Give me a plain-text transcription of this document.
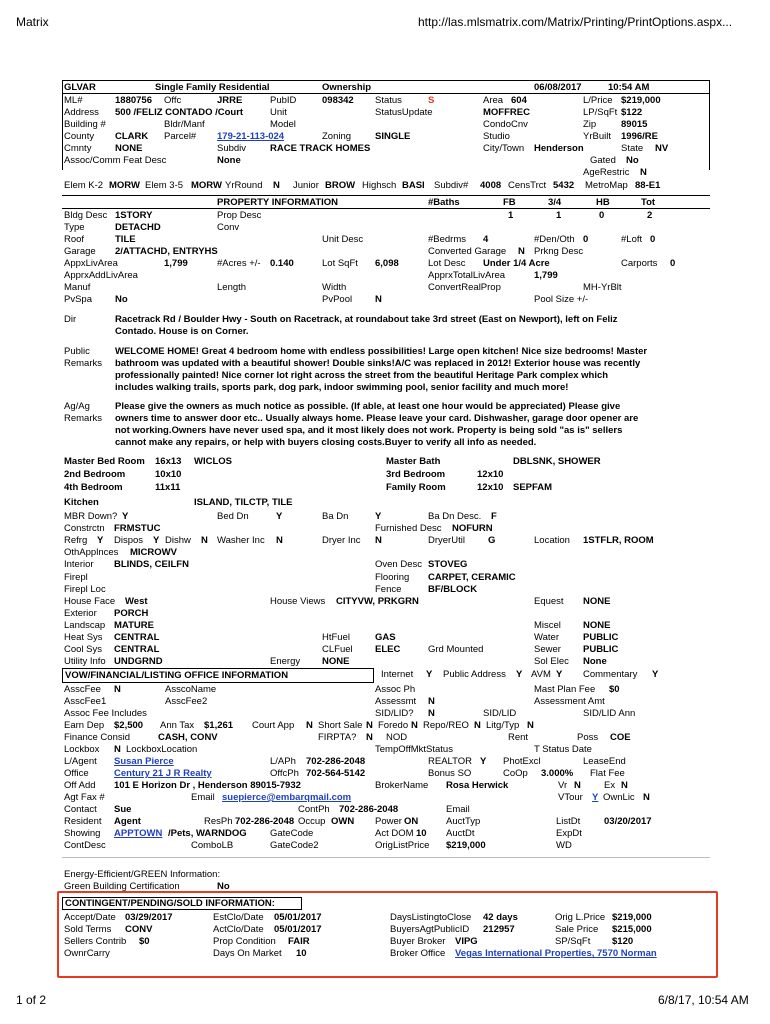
Matrix	http://las.mlsmatrix.com/Matrix/Printing/PrintOptions.aspx...
1 of 2	6/8/17, 10:54 AM
GLVAR	Single Family Residential	Ownership	06/08/2017	10:54 AM
ML#	1880756 Offc	JRRE	PubID	098342 Status	S	Area 604	L/Price $219,000
Address 500 /FELIZ CONTADO /Court	Unit	StatusUpdate	MOFFREC	LP/SqFt $122
Building #	Bldr/Manf	Model	CondoCnv	Zip	89015
County CLARK Parcel# 179-21-113-024	Zoning	SINGLE	Studio	YrBuilt 1996/RE
Cmnty NONE	Subdiv	RACE TRACK HOMES	City/Town Henderson	State NV
Assoc/Comm Feat Desc	None	Gated No
AgeRestric N
Elem K-2 MORW Elem 3-5 MORW YrRound N Junior BROW Highsch BASI Subdiv# 4008 CensTrct 5432 MetroMap 88-E1
PROPERTY INFORMATION	#Baths	FB	3/4	HB	Tot
Bldg Desc 1STORY	Prop Desc	1	1	0	2
Type	DETACHD	Conv
Roof	TILE	Unit Desc	#Bedrms 4	#Den/Oth 0	#Loft 0
Garage 2/ATTACHD, ENTRYHS	Converted Garage N Prkng Desc
AppxLivArea	1,799	#Acres +/- 0.140	Lot SqFt 6,098	Lot Desc Under 1/4 Acre	Carports 0
ApprxAddLivArea	ApprxTotalLivArea	1,799
Manuf	Length	Width	ConvertRealProp	MH-YrBlt
PvSpa No	PvPool N	Pool Size +/-
Dir	Racetrack Rd / Boulder Hwy - South on Racetrack, at roundabout take 3rd street (East on Newport), left on Feliz
Contado. House is on Corner.
Public
Remarks
WELCOME HOME! Great 4 bedroom home with endless possibilities! Large open kitchen! Nice size bedrooms! Master
bathroom was updated with a beautiful shower! Double sinks!A/C was replaced in 2012! Exterior house was recently
professionally painted! Nice corner lot right across the street from the beautiful Heritage Park complex which
includes walking trails, sports park, dog park, indoor swimming pool, senior facility and much more!
Ag/Ag
Remarks
Please give the owners as much notice as possible. (If able, at least one hour would be appreciated) Please give
owners time to answer door etc.. Usually always home. Please leave your card. Dishwasher, garage door opener are
not working.Owners have never used spa, and it most likely does not work. Property is being sold "as is" sellers
cannot make any repairs, or help with buyers closing costs.Buyer to verify all info as needed.
Master Bed Room 16x13 WICLOS	Master Bath	DBLSNK, SHOWER
2nd Bedroom	10x10	3rd Bedroom	12x10
4th Bedroom	11x11	Family Room	12x10 SEPFAM
Kitchen	ISLAND, TILCTP, TILE
MBR Down? Y	Bed Dn	Y	Ba Dn	Y	Ba Dn Desc. F
Constrctn FRMSTUC	Furnished Desc NOFURN
Refrg Y Dispos Y Dishw N Washer Inc N	Dryer Inc N	DryerUtil G	Location 1STFLR, ROOM
OthApplnces MICROWV
Interior BLINDS, CEILFN	Oven Desc STOVEG
Firepl	Flooring CARPET, CERAMIC
Firepl Loc	Fence	BF/BLOCK
House Face West	House Views CITYVW, PRKGRN	Equest NONE
Exterior PORCH
Landscap MATURE	Miscel NONE
Heat Sys CENTRAL	HtFuel	GAS	Water	PUBLIC
Cool Sys CENTRAL	CLFuel ELEC	Grd Mounted	Sewer PUBLIC
Utility Info UNDGRND	Energy NONE	Sol Elec None
VOW/FINANCIAL/LISTING OFFICE INFORMATION	Internet Y Public Address Y AVM Y Commentary Y
AsscFee N	AsscoName	Assoc Ph	Mast Plan Fee $0
AsscFee1	AsscFee2	Assessmt N	Assessment Amt
Assoc Fee Includes	SID/LID? N	SID/LID	SID/LID Ann
Earn Dep $2,500 Ann Tax $1,261 Court App N Short Sale N Foredo N Repo/REO N Litg/Typ N
Finance Consid	CASH, CONV	FIRPTA? N NOD	Rent	Poss COE
Lockbox N LockboxLocation	TempOffMktStatus	T Status Date
L/Agent Susan Pierce	L/APh 702-286-2048	REALTOR Y PhotExcl	LeaseEnd
Office	Century 21 J R Realty	OffcPh 702-564-5142	Bonus SO	CoOp 3.000% Flat Fee
Off Add 101 E Horizon Dr , Henderson 89015-7932	BrokerName Rosa Herwick	Vr N Ex N
Agt Fax #	Email suepierce@embarqmail.com	VTour Y OwnLic N
Contact Sue	ContPh 702-286-2048	Email
Resident Agent	ResPh 702-286-2048 Occup OWN Power ON	AuctTyp	ListDt 03/20/2017
Showing APPTOWN /Pets, WARNDOG GateCode	Act DOM 10 AuctDt	ExpDt
ContDesc	ComboLB	GateCode2	OrigListPrice $219,000	WD
Energy-Efficient/GREEN Information:
Green Building Certification	No
CONTINGENT/PENDING/SOLD INFORMATION:
Accept/Date 03/29/2017	EstClo/Date 05/01/2017	DaysListingtoClose 42 days	Orig L.Price $219,000
Sold Terms CONV	ActClo/Date 05/01/2017	BuyersAgtPublicID 212957	Sale Price $215,000
Sellers Contrib $0	Prop Condition FAIR	Buyer Broker VIPG	SP/SqFt $120
OwnrCarry	Days On Market 10	Broker Office Vegas International Properties, 7570 Norman
